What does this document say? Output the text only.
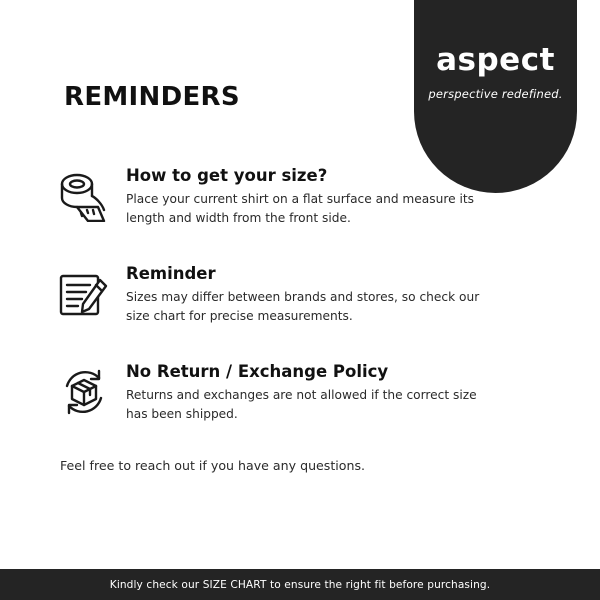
aspect
perspective redefined.
REMINDERS
How to get your size?
Place your current shirt on a flat surface and measure its length and width from the front side.
Reminder
Sizes may differ between brands and stores, so check our size chart for precise measurements.
No Return / Exchange Policy
Returns and exchanges are not allowed if the correct size has been shipped.
Feel free to reach out if you have any questions.
Kindly check our SIZE CHART to ensure the right fit before purchasing.
